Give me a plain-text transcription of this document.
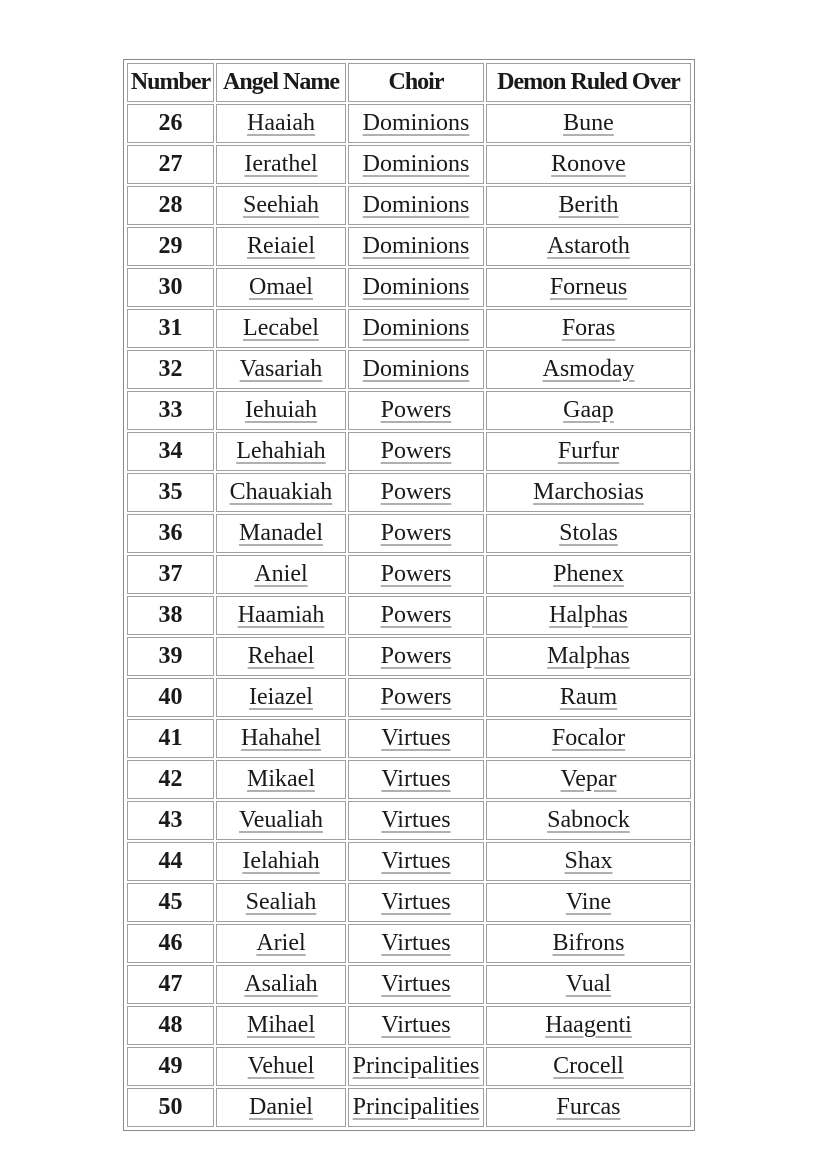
Number	Angel Name	Choir	Demon Ruled Over
26	Haaiah	Dominions	Bune
27	Ierathel	Dominions	Ronove
28	Seehiah	Dominions	Berith
29	Reiaiel	Dominions	Astaroth
30	Omael	Dominions	Forneus
31	Lecabel	Dominions	Foras
32	Vasariah	Dominions	Asmoday
33	Iehuiah	Powers	Gaap
34	Lehahiah	Powers	Furfur
35	Chauakiah	Powers	Marchosias
36	Manadel	Powers	Stolas
37	Aniel	Powers	Phenex
38	Haamiah	Powers	Halphas
39	Rehael	Powers	Malphas
40	Ieiazel	Powers	Raum
41	Hahahel	Virtues	Focalor
42	Mikael	Virtues	Vepar
43	Veualiah	Virtues	Sabnock
44	Ielahiah	Virtues	Shax
45	Sealiah	Virtues	Vine
46	Ariel	Virtues	Bifrons
47	Asaliah	Virtues	Vual
48	Mihael	Virtues	Haagenti
49	Vehuel	Principalities	Crocell
50	Daniel	Principalities	Furcas
